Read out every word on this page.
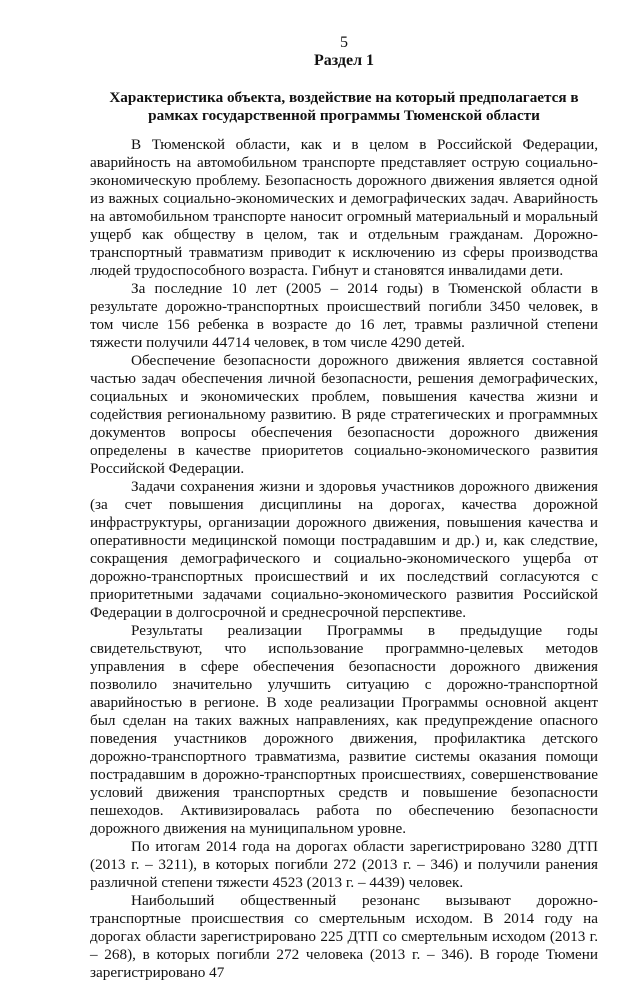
5
Раздел 1
Характеристика объекта, воздействие на который предполагается в рамках государственной программы Тюменской области

В Тюменской области, как и в целом в Российской Федерации, аварийность на автомобильном транспорте представляет острую социально-экономическую проблему. Безопасность дорожного движения является одной из важных социально-экономических и демографических задач. Аварийность на автомобильном транспорте наносит огромный материальный и моральный ущерб как обществу в целом, так и отдельным гражданам. Дорожно-транспортный травматизм приводит к исключению из сферы производства людей трудоспособного возраста. Гибнут и становятся инвалидами дети.

За последние 10 лет (2005 – 2014 годы) в Тюменской области в результате дорожно-транспортных происшествий погибли 3450 человек, в том числе 156 ребенка в возрасте до 16 лет, травмы различной степени тяжести получили 44714 человек, в том числе 4290 детей.

Обеспечение безопасности дорожного движения является составной частью задач обеспечения личной безопасности, решения демографических, социальных и экономических проблем, повышения качества жизни и содействия региональному развитию. В ряде стратегических и программных документов вопросы обеспечения безопасности дорожного движения определены в качестве приоритетов социально-экономического развития Российской Федерации.

Задачи сохранения жизни и здоровья участников дорожного движения (за счет повышения дисциплины на дорогах, качества дорожной инфраструктуры, организации дорожного движения, повышения качества и оперативности медицинской помощи пострадавшим и др.) и, как следствие, сокращения демографического и социально-экономического ущерба от дорожно-транспортных происшествий и их последствий согласуются с приоритетными задачами социально-экономического развития Российской Федерации в долгосрочной и среднесрочной перспективе.

Результаты реализации Программы в предыдущие годы свидетельствуют, что использование программно-целевых методов управления в сфере обеспечения безопасности дорожного движения позволило значительно улучшить ситуацию с дорожно-транспортной аварийностью в регионе. В ходе реализации Программы основной акцент был сделан на таких важных направлениях, как предупреждение опасного поведения участников дорожного движения, профилактика детского дорожно-транспортного травматизма, развитие системы оказания помощи пострадавшим в дорожно-транспортных происшествиях, совершенствование условий движения транспортных средств и повышение безопасности пешеходов. Активизировалась работа по обеспечению безопасности дорожного движения на муниципальном уровне.

По итогам 2014 года на дорогах области зарегистрировано 3280 ДТП (2013 г. – 3211), в которых погибли 272 (2013 г. – 346) и получили ранения различной степени тяжести 4523 (2013 г. – 4439) человек.

Наибольший общественный резонанс вызывают дорожно-транспортные происшествия со смертельным исходом. В 2014 году на дорогах области зарегистрировано 225 ДТП со смертельным исходом (2013 г. – 268), в которых погибли 272 человека (2013 г. – 346). В городе Тюмени зарегистрировано 47
